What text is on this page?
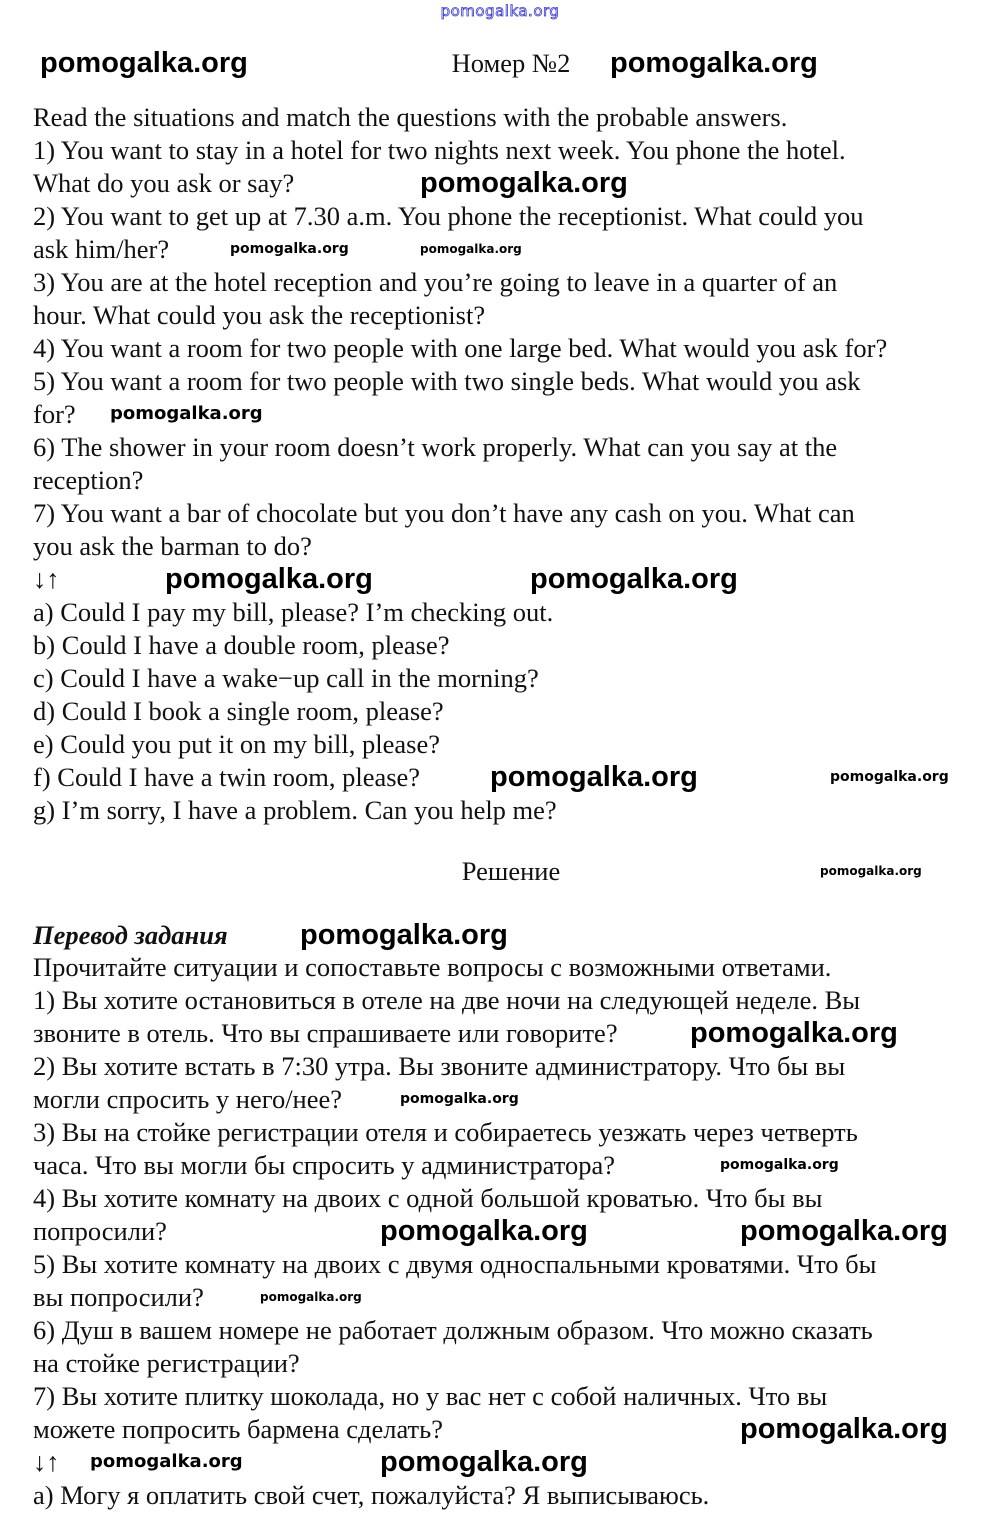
pomogalka.org
Номер №2
Read the situations and match the questions with the probable answers.
1) You want to stay in a hotel for two nights next week. You phone the hotel.
What do you ask or say?
2) You want to get up at 7.30 a.m. You phone the receptionist. What could you
ask him/her?
3) You are at the hotel reception and you’re going to leave in a quarter of an
hour. What could you ask the receptionist?
4) You want a room for two people with one large bed. What would you ask for?
5) You want a room for two people with two single beds. What would you ask
for?
6) The shower in your room doesn’t work properly. What can you say at the
reception?
7) You want a bar of chocolate but you don’t have any cash on you. What can
you ask the barman to do?
↓↑
a) Could I pay my bill, please? I’m checking out.
b) Could I have a double room, please?
c) Could I have a wake−up call in the morning?
d) Could I book a single room, please?
e) Could you put it on my bill, please?
f) Could I have a twin room, please?
g) I’m sorry, I have a problem. Can you help me?
Решение
Перевод задания
Прочитайте ситуации и сопоставьте вопросы с возможными ответами.
1) Вы хотите остановиться в отеле на две ночи на следующей неделе. Вы
звоните в отель. Что вы спрашиваете или говорите?
2) Вы хотите встать в 7:30 утра. Вы звоните администратору. Что бы вы
могли спросить у него/нее?
3) Вы на стойке регистрации отеля и собираетесь уезжать через четверть
часа. Что вы могли бы спросить у администратора?
4) Вы хотите комнату на двоих с одной большой кроватью. Что бы вы
попросили?
5) Вы хотите комнату на двоих с двумя односпальными кроватями. Что бы
вы попросили?
6) Душ в вашем номере не работает должным образом. Что можно сказать
на стойке регистрации?
7) Вы хотите плитку шоколада, но у вас нет с собой наличных. Что вы
можете попросить бармена сделать?
↓↑
а) Могу я оплатить свой счет, пожалуйста? Я выписываюсь.
pomogalka.org	pomogalka.org
pomogalka.org
pomogalka.org	pomogalka.org
pomogalka.org
pomogalka.org	pomogalka.org
pomogalka.org	pomogalka.org
pomogalka.org
pomogalka.org
pomogalka.org
pomogalka.org
pomogalka.org
pomogalka.org	pomogalka.org
pomogalka.org
pomogalka.org
pomogalka.org	pomogalka.org
